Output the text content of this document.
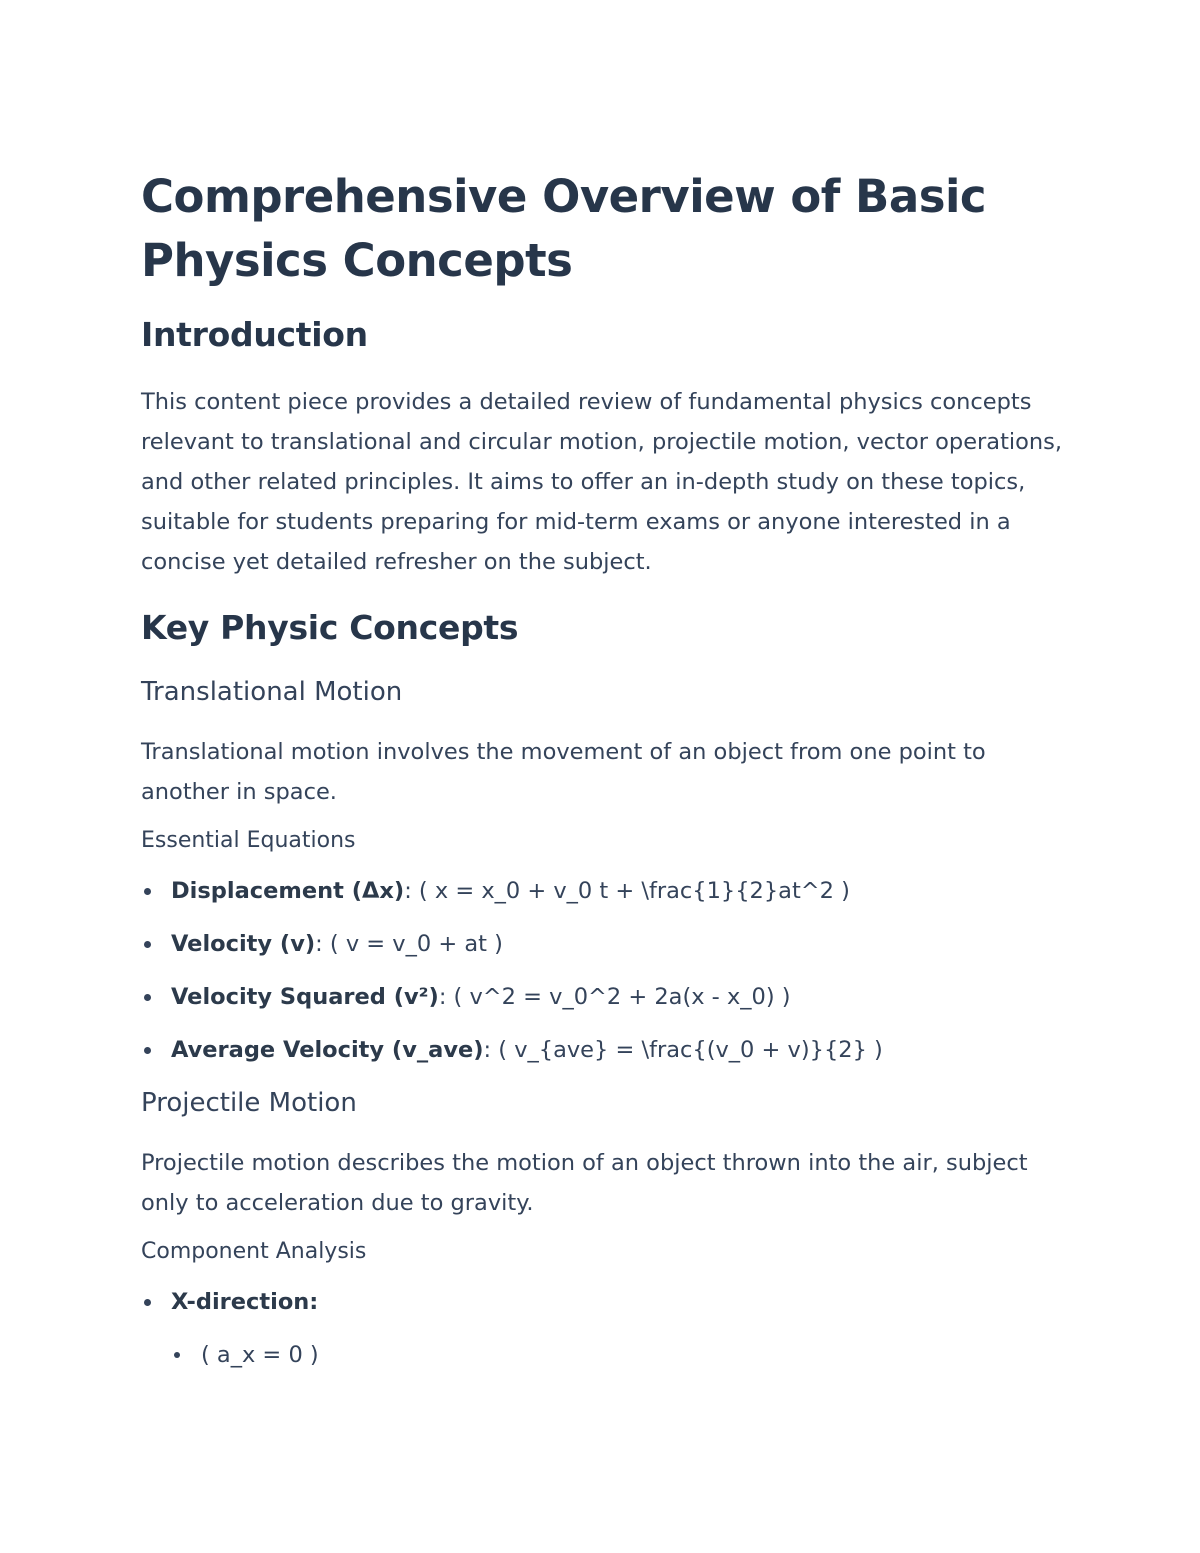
Comprehensive Overview of Basic Physics Concepts
Introduction

This content piece provides a detailed review of fundamental physics concepts relevant to translational and circular motion, projectile motion, vector operations, and other related principles. It aims to offer an in-depth study on these topics, suitable for students preparing for mid-term exams or anyone interested in a concise yet detailed refresher on the subject.

Key Physic Concepts
Translational Motion

Translational motion involves the movement of an object from one point to another in space.

Essential Equations
Displacement (Δx): ( x = x_0 + v_0 t + \frac{1}{2}at^2 )
Velocity (v): ( v = v_0 + at )
Velocity Squared (v²): ( v^2 = v_0^2 + 2a(x - x_0) )
Average Velocity (v_ave): ( v_{ave} = \frac{(v_0 + v)}{2} )
Projectile Motion

Projectile motion describes the motion of an object thrown into the air, subject only to acceleration due to gravity.

Component Analysis
X-direction:
( a_x = 0 )
